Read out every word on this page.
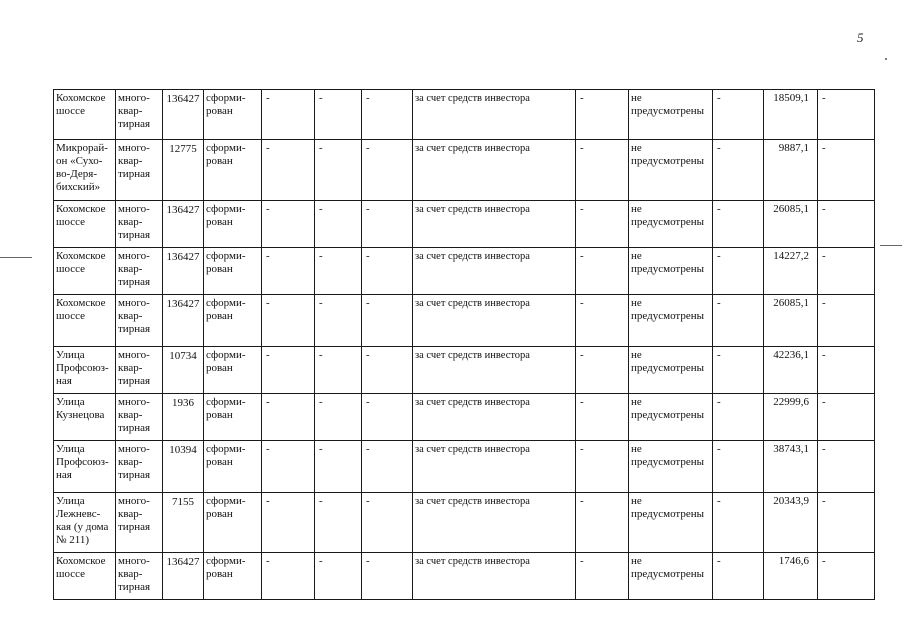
5
Кохомское шоссе	много-квар-тирная	136427	сформи-рован	-	-	-	за счет средств инвестора	-	не предусмотрены	-	18509,1	-
Микрорай-он «Сухо-во-Деря-бихский»	много-квар-тирная	12775	сформи-рован	-	-	-	за счет средств инвестора	-	не предусмотрены	-	9887,1	-
Кохомское шоссе	много-квар-тирная	136427	сформи-рован	-	-	-	за счет средств инвестора	-	не предусмотрены	-	26085,1	-
Кохомское шоссе	много-квар-тирная	136427	сформи-рован	-	-	-	за счет средств инвестора	-	не предусмотрены	-	14227,2	-
Кохомское шоссе	много-квар-тирная	136427	сформи-рован	-	-	-	за счет средств инвестора	-	не предусмотрены	-	26085,1	-
Улица Профсоюз-ная	много-квар-тирная	10734	сформи-рован	-	-	-	за счет средств инвестора	-	не предусмотрены	-	42236,1	-
Улица Кузнецова	много-квар-тирная	1936	сформи-рован	-	-	-	за счет средств инвестора	-	не предусмотрены	-	22999,6	-
Улица Профсоюз-ная	много-квар-тирная	10394	сформи-рован	-	-	-	за счет средств инвестора	-	не предусмотрены	-	38743,1	-
Улица Лежневс-кая (у дома № 211)	много-квар-тирная	7155	сформи-рован	-	-	-	за счет средств инвестора	-	не предусмотрены	-	20343,9	-
Кохомское шоссе	много-квар-тирная	136427	сформи-рован	-	-	-	за счет средств инвестора	-	не предусмотрены	-	1746,6	-
